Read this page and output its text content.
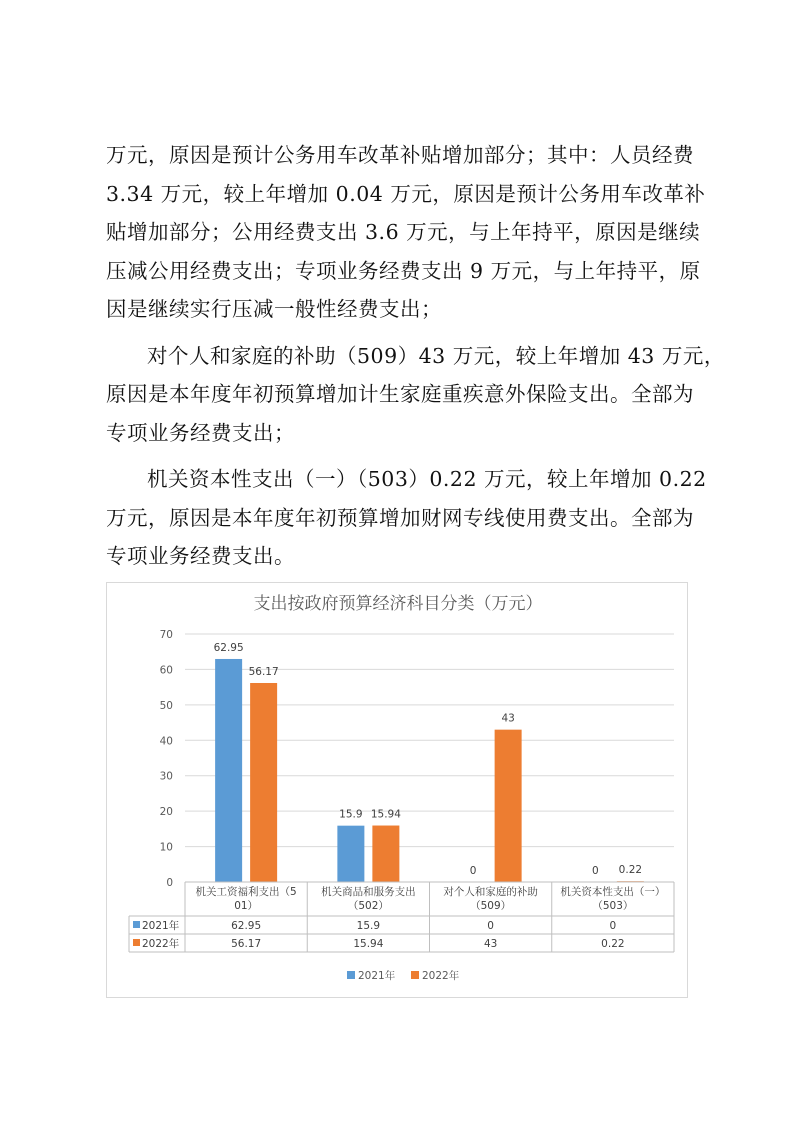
万元，原因是预计公务用车改革补贴增加部分；其中：人员经费
3.34 万元，较上年增加 0.04 万元，原因是预计公务用车改革补
贴增加部分；公用经费支出 3.6 万元，与上年持平，原因是继续
压减公用经费支出；专项业务经费支出 9 万元，与上年持平，原
因是继续实行压减一般性经费支出；
对个人和家庭的补助（509）43 万元，较上年增加 43 万元，
原因是本年度年初预算增加计生家庭重疾意外保险支出。全部为
专项业务经费支出；
机关资本性支出（一）（503）0.22 万元，较上年增加 0.22
万元，原因是本年度年初预算增加财网专线使用费支出。全部为
专项业务经费支出。
支出按政府预算经济科目分类（万元）
0
10
20
30
40
50
60
70
62.95
15.9
0	0
56.17
15.94
43
0.22
机关工资福利支出（5
01）
机关商品和服务支出
（502）
对个人和家庭的补助
（509）
机关资本性支出（一）
（503）
2021年	62.95	15.9	0	0
2022年	56.17	15.94	43	0.22
2021年	2022年
